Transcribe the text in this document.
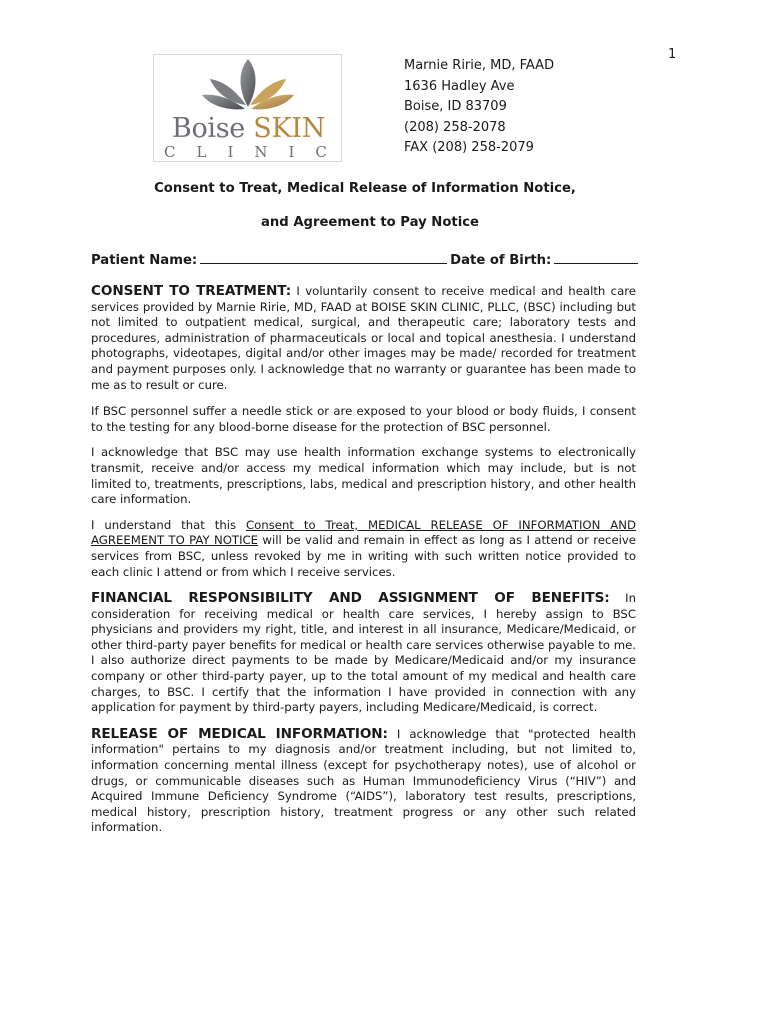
1
Boise SKIN
CLINIC
Marnie Ririe, MD, FAAD
1636 Hadley Ave
Boise, ID 83709
(208) 258-2078
FAX (208) 258-2079
Consent to Treat, Medical Release of Information Notice,
and Agreement to Pay Notice
Patient Name:	Date of Birth:

CONSENT TO TREATMENT: I voluntarily consent to receive medical and health care services provided by Marnie Ririe, MD, FAAD at BOISE SKIN CLINIC, PLLC, (BSC) including but not limited to outpatient medical, surgical, and therapeutic care; laboratory tests and procedures, administration of pharmaceuticals or local and topical anesthesia. I understand photographs, videotapes, digital and/or other images may be made/ recorded for treatment and payment purposes only. I acknowledge that no warranty or guarantee has been made to me as to result or cure.

If BSC personnel suffer a needle stick or are exposed to your blood or body fluids, I consent to the testing for any blood-borne disease for the protection of BSC personnel.

I acknowledge that BSC may use health information exchange systems to electronically transmit, receive and/or access my medical information which may include, but is not limited to, treatments, prescriptions, labs, medical and prescription history, and other health care information.

I understand that this Consent to Treat, MEDICAL RELEASE OF INFORMATION AND AGREEMENT TO PAY NOTICE will be valid and remain in effect as long as I attend or receive services from BSC, unless revoked by me in writing with such written notice provided to each clinic I attend or from which I receive services.

FINANCIAL RESPONSIBILITY AND ASSIGNMENT OF BENEFITS: In consideration for receiving medical or health care services, I hereby assign to BSC physicians and providers my right, title, and interest in all insurance, Medicare/Medicaid, or other third-party payer benefits for medical or health care services otherwise payable to me. I also authorize direct payments to be made by Medicare/Medicaid and/or my insurance company or other third-party payer, up to the total amount of my medical and health care charges, to BSC. I certify that the information I have provided in connection with any application for payment by third-party payers, including Medicare/Medicaid, is correct.

RELEASE OF MEDICAL INFORMATION: I acknowledge that "protected health information" pertains to my diagnosis and/or treatment including, but not limited to, information concerning mental illness (except for psychotherapy notes), use of alcohol or drugs, or communicable diseases such as Human Immunodeficiency Virus (“HIV”) and Acquired Immune Deficiency Syndrome (“AIDS”), laboratory test results, prescriptions, medical history, prescription history, treatment progress or any other such related information.
